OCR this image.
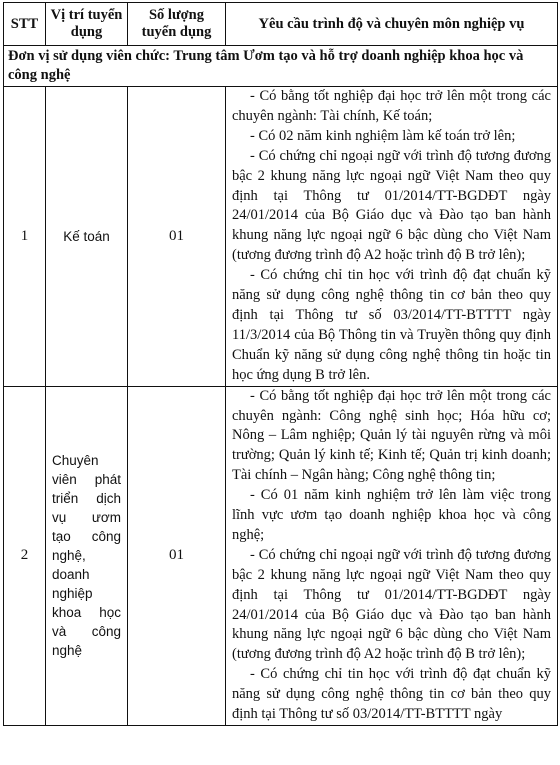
STT	Vị trí tuyển dụng	Số lượng tuyển dụng	Yêu cầu trình độ và chuyên môn nghiệp vụ
Đơn vị sử dụng viên chức: Trung tâm Ươm tạo và hỗ trợ doanh nghiệp khoa học và công nghệ			
1	Kế toán	01	- Có bằng tốt nghiệp đại học trở lên một trong các chuyên ngành: Tài chính, Kế toán;

- Có 02 năm kinh nghiệm làm kế toán trở lên;

- Có chứng chỉ ngoại ngữ với trình độ tương đương bậc 2 khung năng lực ngoại ngữ Việt Nam theo quy định tại Thông tư 01/2014/TT-BGDĐT ngày 24/01/2014 của Bộ Giáo dục và Đào tạo ban hành khung năng lực ngoại ngữ 6 bậc dùng cho Việt Nam (tương đương trình độ A2 hoặc trình độ B trở lên);

- Có chứng chỉ tin học với trình độ đạt chuẩn kỹ năng sử dụng công nghệ thông tin cơ bản theo quy định tại Thông tư số 03/2014/TT-BTTTT ngày 11/3/2014 của Bộ Thông tin và Truyền thông quy định Chuẩn kỹ năng sử dụng công nghệ thông tin hoặc tin học ứng dụng B trở lên.

2	Chuyên viên phát triển dịch vụ ươm tạo công nghệ, doanh nghiệp khoa học và công nghệ	01	- Có bằng tốt nghiệp đại học trở lên một trong các chuyên ngành: Công nghệ sinh học; Hóa hữu cơ; Nông – Lâm nghiệp; Quản lý tài nguyên rừng và môi trường; Quản lý kinh tế; Kinh tế; Quản trị kinh doanh; Tài chính – Ngân hàng; Công nghệ thông tin;

- Có 01 năm kinh nghiệm trở lên làm việc trong lĩnh vực ươm tạo doanh nghiệp khoa học và công nghệ;

- Có chứng chỉ ngoại ngữ với trình độ tương đương bậc 2 khung năng lực ngoại ngữ Việt Nam theo quy định tại Thông tư 01/2014/TT-BGDĐT ngày 24/01/2014 của Bộ Giáo dục và Đào tạo ban hành khung năng lực ngoại ngữ 6 bậc dùng cho Việt Nam (tương đương trình độ A2 hoặc trình độ B trở lên);

- Có chứng chỉ tin học với trình độ đạt chuẩn kỹ năng sử dụng công nghệ thông tin cơ bản theo quy định tại Thông tư số 03/2014/TT-BTTTT ngày
